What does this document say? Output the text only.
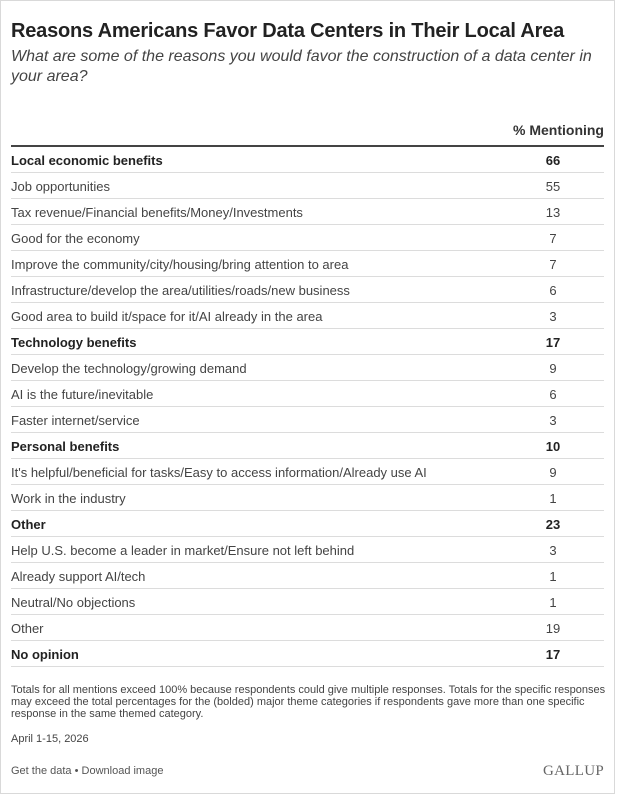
Reasons Americans Favor Data Centers in Their Local Area

What are some of the reasons you would favor the construction of a data center in your area?

% Mentioning
Local economic benefits	66
Job opportunities	55
Tax revenue/Financial benefits/Money/Investments	13
Good for the economy	7
Improve the community/city/housing/bring attention to area	7
Infrastructure/develop the area/utilities/roads/new business	6
Good area to build it/space for it/AI already in the area	3
Technology benefits	17
Develop the technology/growing demand	9
AI is the future/inevitable	6
Faster internet/service	3
Personal benefits	10
It's helpful/beneficial for tasks/Easy to access information/Already use AI	9
Work in the industry	1
Other	23
Help U.S. become a leader in market/Ensure not left behind	3
Already support AI/tech	1
Neutral/No objections	1
Other	19
No opinion	17

Totals for all mentions exceed 100% because respondents could give multiple responses. Totals for the specific responses may exceed the total percentages for the (bolded) major theme categories if respondents gave more than one specific response in the same themed category.

April 1-15, 2026
Get the data • Download image	GALLUP
